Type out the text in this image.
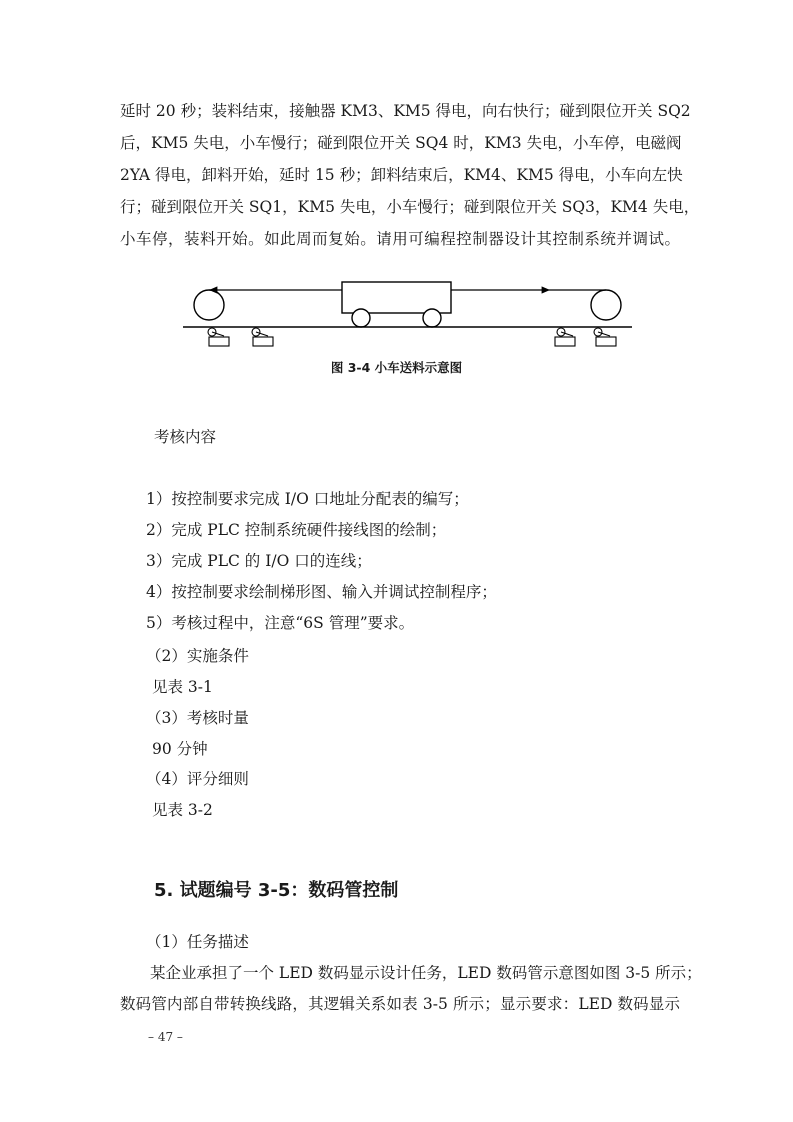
延时 20 秒；装料结束，接触器 KM3、KM5 得电，向右快行；碰到限位开关 SQ2
后，KM5 失电，小车慢行；碰到限位开关 SQ4 时，KM3 失电，小车停，电磁阀
2YA 得电，卸料开始，延时 15 秒；卸料结束后，KM4、KM5 得电，小车向左快
行；碰到限位开关 SQ1，KM5 失电，小车慢行；碰到限位开关 SQ3，KM4 失电，
小车停，装料开始。如此周而复始。请用可编程控制器设计其控制系统并调试。
图 3-4 小车送料示意图
考核内容
1）按控制要求完成 I/O 口地址分配表的编写；
2）完成 PLC 控制系统硬件接线图的绘制；
3）完成 PLC 的 I/O 口的连线；
4）按控制要求绘制梯形图、输入并调试控制程序；
5）考核过程中，注意“6S 管理”要求。
（2）实施条件
见表 3-1
（3）考核时量
90 分钟
（4）评分细则
见表 3-2
5. 试题编号 3-5：数码管控制
（1）任务描述
某企业承担了一个 LED 数码显示设计任务，LED 数码管示意图如图 3-5 所示；
数码管内部自带转换线路，其逻辑关系如表 3-5 所示；显示要求：LED 数码显示
– 47 –
